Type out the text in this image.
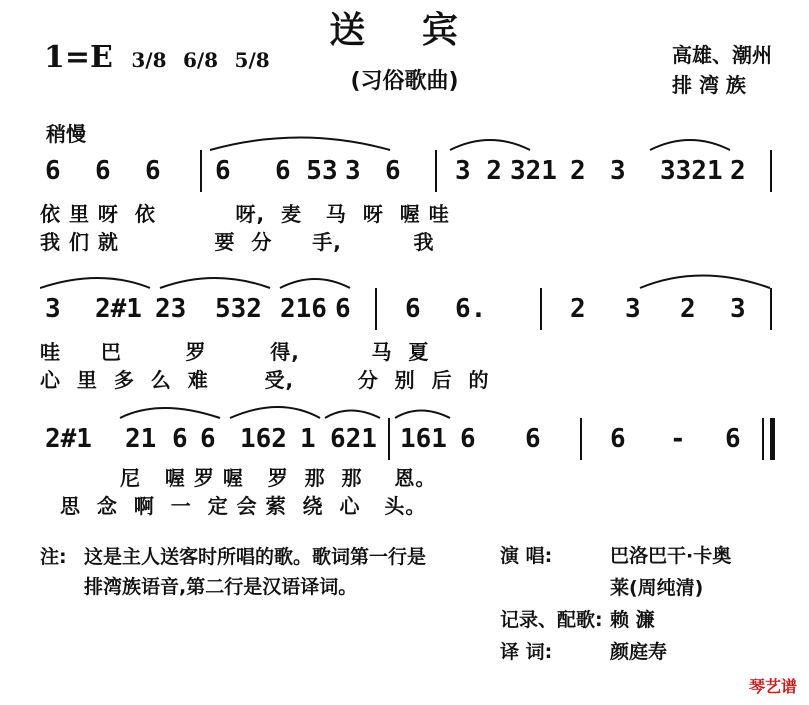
送 宾
(习俗歌曲)
1=E 3/8 6/8 5/8	高雄、潮州
排 湾 族
稍慢
6 6 6 6 6 53 3 6 3 2 321 2 3 3321 2
依 里 呀  依          呀,  麦   马  呀  喔 哇
我 们 就            要  分     手,         我
3 2#1 23 532 216 6 6 6.	2 3 2 3
哇     巴        罗        得,         马  夏
心  里  多  么  难       受,        分  别  后  的
2#1 21 6 6 162 1 621 161 6 6	6 - 6
尼   喔 罗 喔   罗  那  那    恩。
思  念  啊  一  定 会 萦  绕  心   头。
注: 这是主人送客时所唱的歌。歌词第一行是
排湾族语音,第二行是汉语译词。
演 唱:	巴洛巴干·卡奥
莱(周纯清)
记录、配歌: 赖 濂
译 词:	颜庭寿
琴艺谱
